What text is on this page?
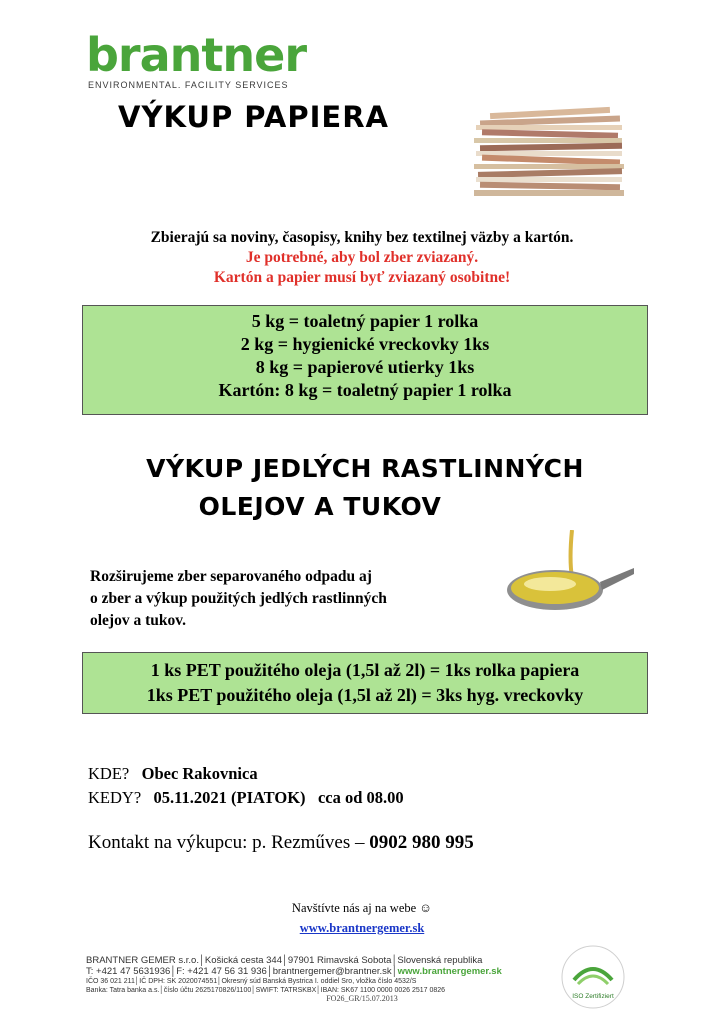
brantner
ENVIRONMENTAL. FACILITY SERVICES
VÝKUP PAPIERA
Zbierajú sa noviny, časopisy, knihy bez textilnej väzby a kartón.
Je potrebné, aby bol zber zviazaný.
Kartón a papier musí byť zviazaný osobitne!
5 kg = toaletný papier 1 rolka
2 kg = hygienické vreckovky 1ks
8 kg = papierové utierky 1ks
Kartón: 8 kg = toaletný papier 1 rolka
VÝKUP JEDLÝCH RASTLINNÝCH
OLEJOV A TUKOV
Rozširujeme zber separovaného odpadu aj
o zber a výkup použitých jedlých rastlinných
olejov a tukov.
1 ks PET použitého oleja (1,5l až 2l) = 1ks rolka papiera
1ks PET použitého oleja (1,5l až 2l) = 3ks hyg. vreckovky
KDE? Obec Rakovnica
KEDY? 05.11.2021 (PIATOK) cca od 08.00
Kontakt na výkupcu: p. Rezműves – 0902 980 995
Navštívte nás aj na webe ☺
www.brantnergemer.sk
BRANTNER GEMER s.r.o.│Košická cesta 344│97901 Rimavská Sobota│Slovenská republika
T: +421 47 5631936│F: +421 47 56 31 936│brantnergemer@brantner.sk│www.brantnergemer.sk
IČO 36 021 211│IČ DPH: SK 2020074551│Okresný súd Banská Bystrica I. oddiel Sro, vložka číslo 4532/S
Banka: Tatra banka a.s.│číslo účtu 2625170826/1100│SWIFT: TATRSKBX│IBAN: SK67 1100 0000 0026 2517 0826
FO26_GR/15.07.2013	ISO Zertifiziert
